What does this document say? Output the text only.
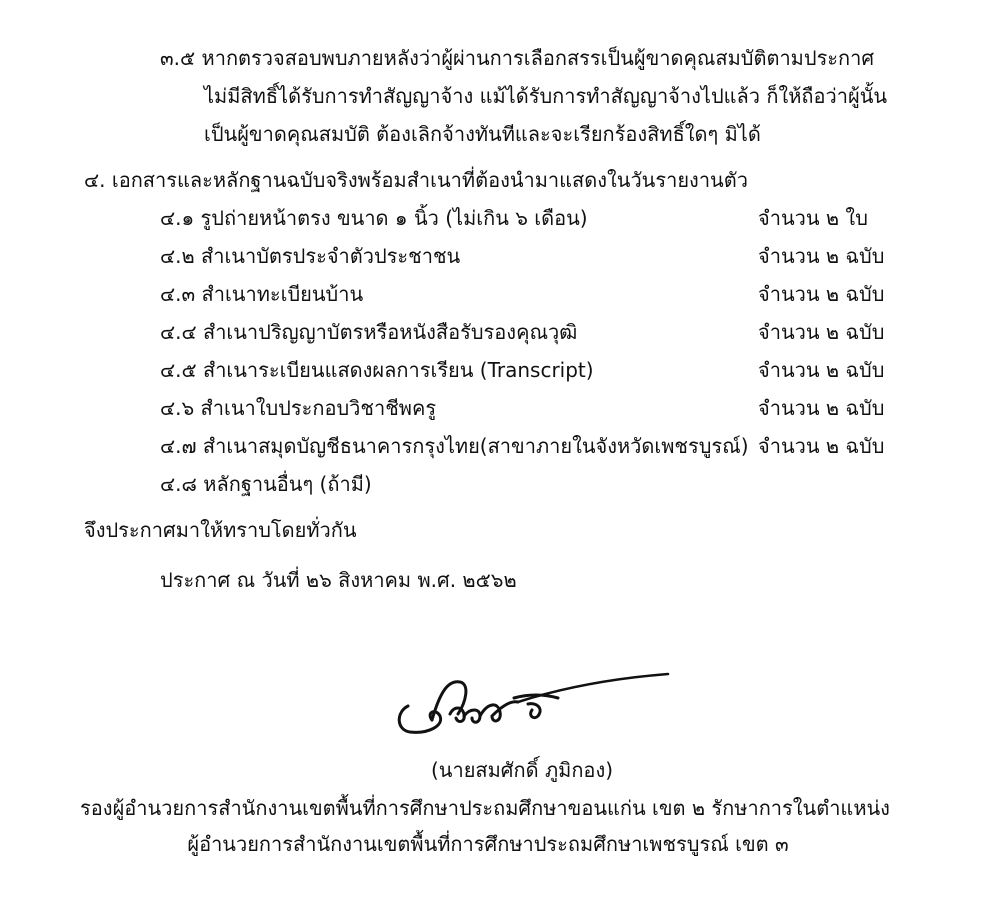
๓.๕ หากตรวจสอบพบภายหลังว่าผู้ผ่านการเลือกสรรเป็นผู้ขาดคุณสมบัติตามประกาศ
ไม่มีสิทธิ์ได้รับการทำสัญญาจ้าง แม้ได้รับการทำสัญญาจ้างไปแล้ว ก็ให้ถือว่าผู้นั้น
เป็นผู้ขาดคุณสมบัติ ต้องเลิกจ้างทันทีและจะเรียกร้องสิทธิ์ใดๆ มิได้
๔. เอกสารและหลักฐานฉบับจริงพร้อมสำเนาที่ต้องนำมาแสดงในวันรายงานตัว
๔.๑ รูปถ่ายหน้าตรง ขนาด ๑ นิ้ว (ไม่เกิน ๖ เดือน)	จำนวน ๒ ใบ
๔.๒ สำเนาบัตรประจำตัวประชาชน	จำนวน ๒ ฉบับ
๔.๓ สำเนาทะเบียนบ้าน	จำนวน ๒ ฉบับ
๔.๔ สำเนาปริญญาบัตรหรือหนังสือรับรองคุณวุฒิ	จำนวน ๒ ฉบับ
๔.๕ สำเนาระเบียนแสดงผลการเรียน (Transcript)	จำนวน ๒ ฉบับ
๔.๖ สำเนาใบประกอบวิชาชีพครู	จำนวน ๒ ฉบับ
๔.๗ สำเนาสมุดบัญชีธนาคารกรุงไทย(สาขาภายในจังหวัดเพชรบูรณ์) จำนวน ๒ ฉบับ
๔.๘ หลักฐานอื่นๆ (ถ้ามี)
จึงประกาศมาให้ทราบโดยทั่วกัน
ประกาศ ณ วันที่ ๒๖ สิงหาคม พ.ศ. ๒๕๖๒
(นายสมศักดิ์ ภูมิกอง)
รองผู้อำนวยการสำนักงานเขตพื้นที่การศึกษาประถมศึกษาขอนแก่น เขต ๒ รักษาการในตำแหน่ง
ผู้อำนวยการสำนักงานเขตพื้นที่การศึกษาประถมศึกษาเพชรบูรณ์ เขต ๓
